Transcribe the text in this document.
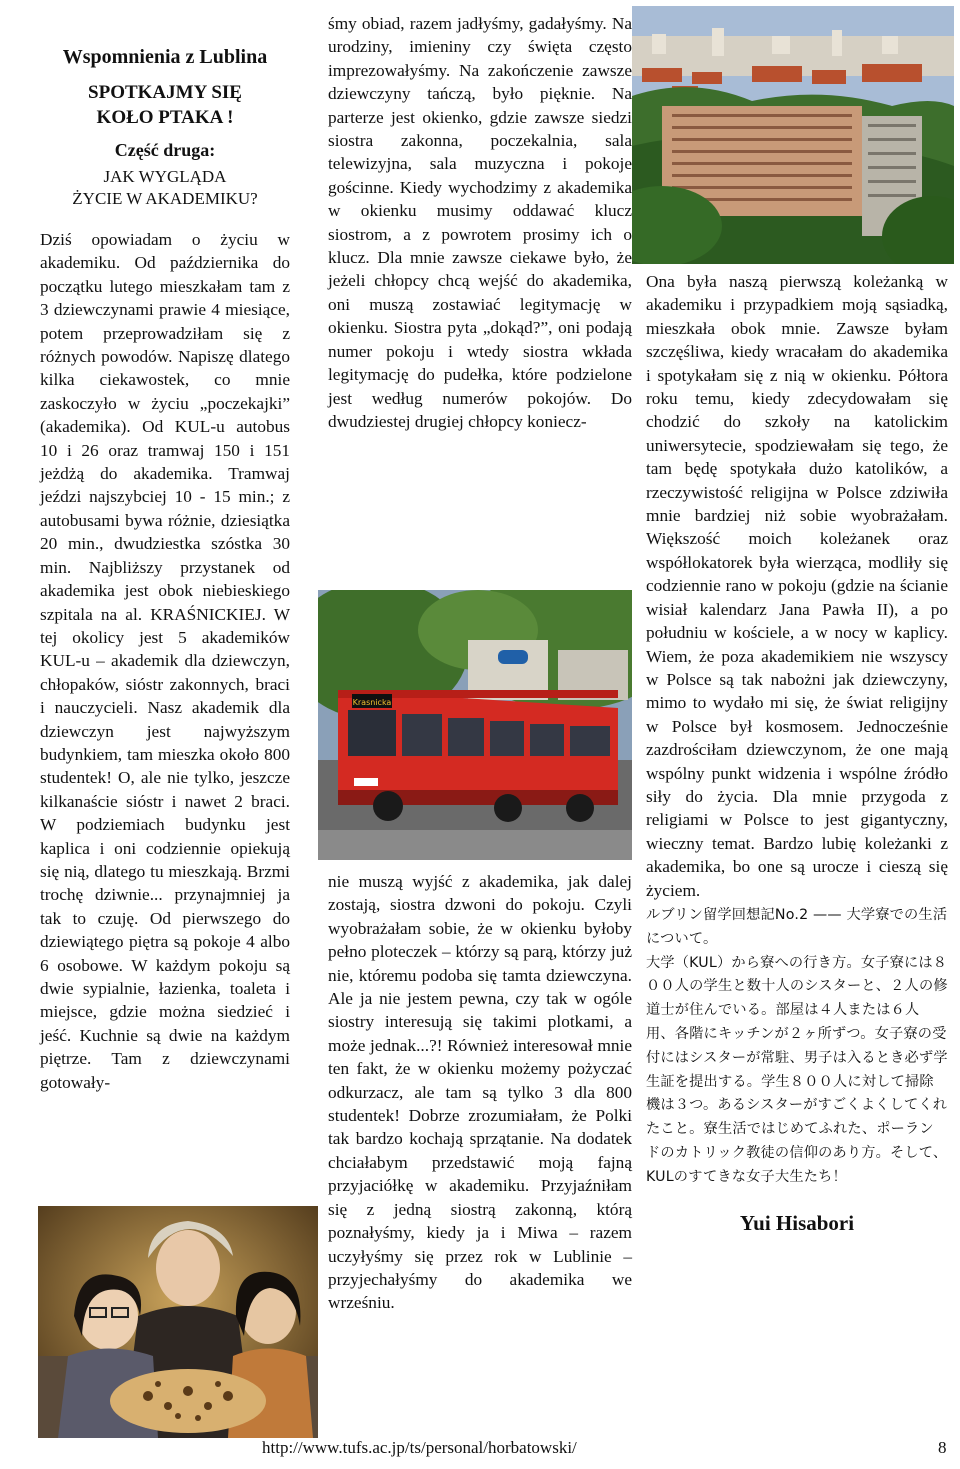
Wspomnienia z Lublina
SPOTKAJMY SIĘ
KOŁO PTAKA !
Część druga:
JAK WYGLĄDA
ŻYCIE W AKADEMIKU?

Dziś opowiadam o życiu w akademiku. Od października do początku lutego mieszkałam tam z 3 dziewczynami prawie 4 miesiące, potem przeprowadziłam się z różnych powodów. Napiszę dlatego kilka ciekawostek, co mnie zaskoczyło w życiu „poczekajki” (akademika). Od KUL-u autobus 10 i 26 oraz tramwaj 150 i 151 jeżdżą do akademika. Tramwaj jeździ najszybciej 10 - 15 min.; z autobusami bywa różnie, dziesiątka 20 min., dwudziestka szóstka 30 min. Najbliższy przystanek od akademika jest obok niebieskiego szpitala na al. KRAŚNICKIEJ. W tej okolicy jest 5 akademików KUL-u – akademik dla dziewczyn, chłopaków, sióstr zakonnych, braci i nauczycieli. Nasz akademik dla dziewczyn jest najwyższym budynkiem, tam mieszka około 800 studentek! O, ale nie tylko, jeszcze kilkanaście sióstr i nawet 2 braci. W podziemiach budynku jest kaplica i oni codziennie opiekują się nią, dlatego tu mieszkają. Brzmi trochę dziwnie... przynajmniej ja tak to czuję. Od pierwszego do dziewiątego piętra są pokoje 4 albo 6 osobowe. W każdym pokoju są dwie sypialnie, łazienka, toaleta i miejsce, gdzie można siedzieć i jeść. Kuchnie są dwie na każdym piętrze. Tam z dziewczynami gotowały-

śmy obiad, razem jadłyśmy, gadałyśmy. Na urodziny, imieniny czy święta często imprezowałyśmy. Na zakończenie zawsze dziewczyny tańczą, było pięknie. Na parterze jest okienko, gdzie zawsze siedzi siostra zakonna, poczekalnia, sala telewizyjna, sala muzyczna i pokoje gościnne. Kiedy wychodzimy z akademika w okienku musimy oddawać klucz siostrom, a z powrotem prosimy ich o klucz. Dla mnie zawsze ciekawe było, że jeżeli chłopcy chcą wejść do akademika, oni muszą zostawiać legitymację w okienku. Siostra pyta „dokąd?”, oni podają numer pokoju i wtedy siostra wkłada legitymację do pudełka, które podzielone jest według numerów pokojów. Do dwudziestej drugiej chłopcy koniecz-

Krasnicka

nie muszą wyjść z akademika, jak dalej zostają, siostra dzwoni do pokoju. Czyli wyobrażałam sobie, że w okienku byłoby pełno ploteczek – którzy są parą, którzy już nie, któremu podoba się tamta dziewczyna. Ale ja nie jestem pewna, czy tak w ogóle siostry interesują się takimi plotkami, a może jednak...?! Również interesował mnie ten fakt, że w okienku możemy pożyczać odkurzacz, ale tam są tylko 3 dla 800 studentek! Dobrze zrozumiałam, że Polki tak bardzo kochają sprzątanie. Na dodatek chciałabym przedstawić moją fajną przyjaciółkę w akademiku. Przyjaźniłam się z jedną siostrą zakonną, którą poznałyśmy, kiedy ja i Miwa – razem uczyłyśmy się przez rok w Lublinie – przyjechałyśmy do akademika we wrześniu.

Ona była naszą pierwszą koleżanką w akademiku i przypadkiem moją sąsiadką, mieszkała obok mnie. Zawsze byłam szczęśliwa, kiedy wracałam do akademika i spotykałam się z nią w okienku. Półtora roku temu, kiedy zdecydowałam się chodzić do szkoły na katolickim uniwersytecie, spodziewałam się tego, że tam będę spotykała dużo katolików, a rzeczywistość religijna w Polsce zdziwiła mnie bardziej niż sobie wyobrażałam. Większość moich koleżanek oraz współlokatorek była wierząca, modliły się codziennie rano w pokoju (gdzie na ścianie wisiał kalendarz Jana Pawła II), a po południu w kościele, a w nocy w kaplicy. Wiem, że poza akademikiem nie wszyscy w Polsce są tak nabożni jak dziewczyny, mimo to wydało mi się, że świat religijny w Polsce był kosmosem. Jednocześnie zazdrościłam dziewczynom, że one mają wspólny punkt widzenia i wspólne źródło siły do życia. Dla mnie przygoda z religiami w Polsce to jest gigantyczny, wieczny temat. Bardzo lubię koleżanki z akademika, bo one są urocze i cieszą się życiem.

ルブリン留学回想記No.2 —— 大学寮での生活について。

大学（KUL）から寮への行き方。女子寮には８００人の学生と数十人のシスターと、２人の修道士が住んでいる。部屋は４人または６人用、各階にキッチンが２ヶ所ずつ。女子寮の受付にはシスターが常駐、男子は入るとき必ず学生証を提出する。学生８００人に対して掃除機は３つ。あるシスターがすごくよくしてくれたこと。寮生活ではじめてふれた、ポーランドのカトリック教徒の信仰のあり方。そして、KULのすてきな女子大生たち！

Yui Hisabori
http://www.tufs.ac.jp/ts/personal/horbatowski/	8
